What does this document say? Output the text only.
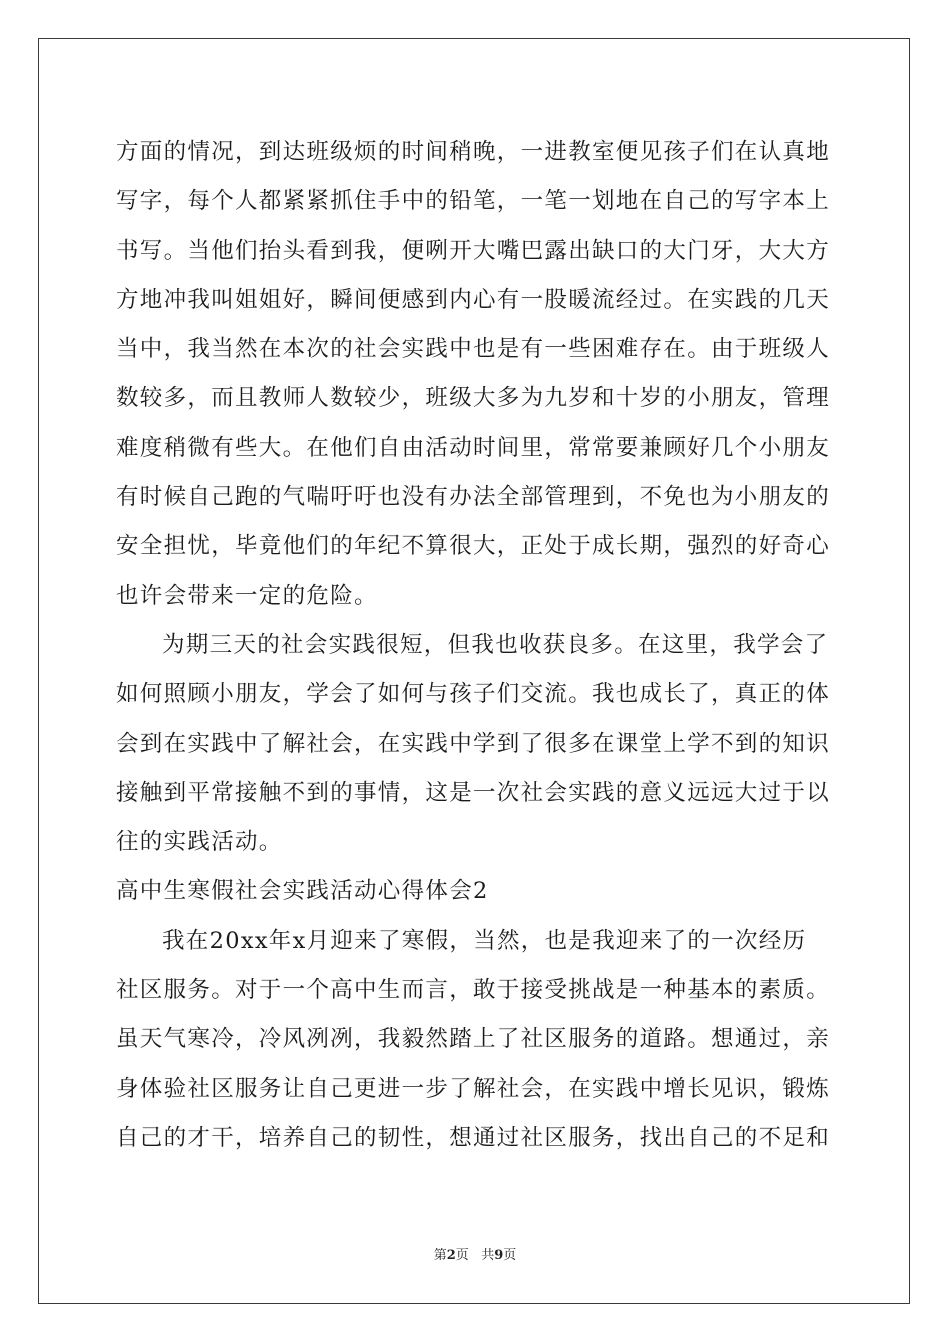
方面的情况，到达班级烦的时间稍晚，一进教室便见孩子们在认真地
写字，每个人都紧紧抓住手中的铅笔，一笔一划地在自己的写字本上
书写。当他们抬头看到我，便咧开大嘴巴露出缺口的大门牙，大大方
方地冲我叫姐姐好，瞬间便感到内心有一股暖流经过。在实践的几天
当中，我当然在本次的社会实践中也是有一些困难存在。由于班级人
数较多，而且教师人数较少，班级大多为九岁和十岁的小朋友，管理
难度稍微有些大。在他们自由活动时间里，常常要兼顾好几个小朋友
有时候自己跑的气喘吁吁也没有办法全部管理到，不免也为小朋友的
安全担忧，毕竟他们的年纪不算很大，正处于成长期，强烈的好奇心
也许会带来一定的危险。
为期三天的社会实践很短，但我也收获良多。在这里，我学会了
如何照顾小朋友，学会了如何与孩子们交流。我也成长了，真正的体
会到在实践中了解社会，在实践中学到了很多在课堂上学不到的知识
接触到平常接触不到的事情，这是一次社会实践的意义远远大过于以
往的实践活动。
高中生寒假社会实践活动心得体会2
我在20xx年x月迎来了寒假，当然，也是我迎来了的一次经历
社区服务。对于一个高中生而言，敢于接受挑战是一种基本的素质。
虽天气寒冷，冷风冽冽，我毅然踏上了社区服务的道路。想通过，亲
身体验社区服务让自己更进一步了解社会，在实践中增长见识，锻炼
自己的才干，培养自己的韧性，想通过社区服务，找出自己的不足和
第2页 共9页
